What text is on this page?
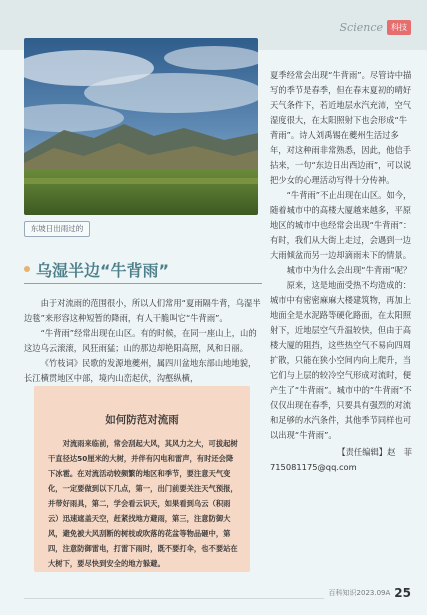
Science	科技
东坡日出雨过的
乌湿半边“牛背雨”

由于对流雨的范围很小，所以人们常用“夏雨隔牛背，乌湿半边毯”来形容这种短暂的降雨，有人干脆叫它“牛背雨”。

“牛背雨”经常出现在山区。有的时候，在同一座山上，山的这边乌云滚滚，风狂雨猛；山的那边却艳阳高照，风和日丽。

《竹枝词》民歌的发源地夔州，属四川盆地东部山地地貌，长江横贯地区中部，境内山峦起伏，沟壑纵横，

如何防范对流雨

对流雨来临前，常会刮起大风，其风力之大，可拔起树干直径达50厘米的大树，并伴有闪电和雷声，有时还会降下冰雹。在对流活动较频繁的地区和季节，要注意天气变化，一定要做到以下几点，第一，出门前要关注天气预报，并带好雨具，第二，学会看云识天，如果看到乌云（积雨云）迅速遮盖天空，赶紧找地方避雨，第三，注意防御大风，避免被大风刮断的树枝或吹落的花盆等物品砸中，第四，注意防御雷电，打雷下雨时，既不要打伞，也不要站在大树下，要尽快到安全的地方躲避。

夏季经常会出现“牛背雨”。尽管诗中描写的季节是春季，但在春末夏初的晴好天气条件下，若近地层水汽充沛，空气湿度很大，在太阳照射下也会形成“牛背雨”。诗人刘禹锡在夔州生活过多年，对这种雨非常熟悉，因此，他信手拈来，一句“东边日出西边雨”，可以说把少女的心理活动写得十分传神。

“牛背雨”不止出现在山区。如今，随着城市中的高楼大厦越来越多，平原地区的城市中也经常会出现“牛背雨”：有时，我们从大街上走过，会遇到一边大雨倾盆而另一边却滴雨未下的情景。

城市中为什么会出现“牛背雨”呢？

原来，这是地面受热不均造成的：城市中有密密麻麻大楼建筑物，再加上地面全是水泥路等硬化路面，在太阳照射下，近地层空气升温较快，但由于高楼大厦的阻挡，这些热空气不易向四周扩散，只能在狭小空间内向上爬升，当它们与上层的较冷空气形成对流时，便产生了“牛背雨”。城市中的“牛背雨”不仅仅出现在春季，只要具有强烈的对流和足够的水汽条件，其他季节同样也可以出现“牛背雨”。

【责任编辑】赵　菲

715081175@qq.com

百科知识2023.09A 25
